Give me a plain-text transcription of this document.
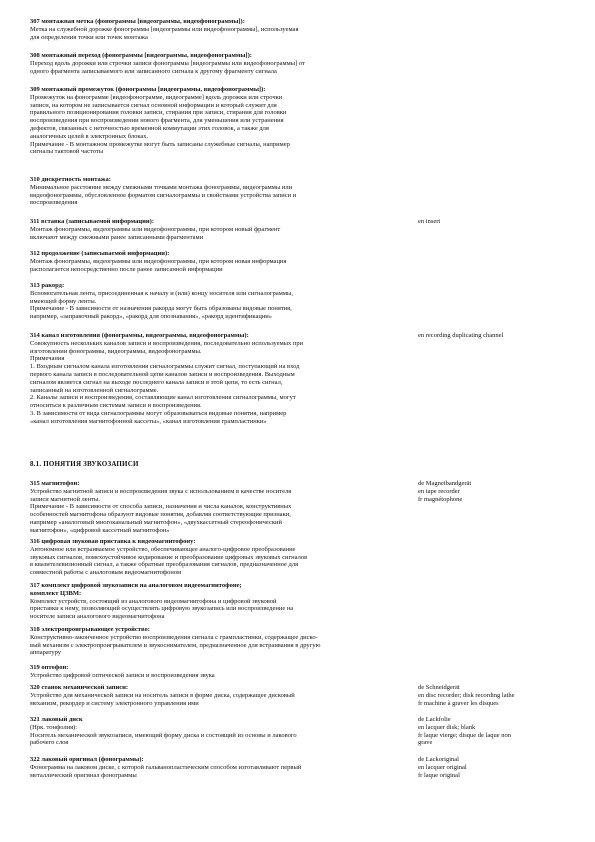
307 монтажная метка (фонограммы [видеограммы, видеофонограммы]):
Метка на служебной дорожке фонограммы [видеограммы или видеофонограммы], используемая
для определения точки или точек монтажа
308 монтажный переход (фонограммы [видеограммы, видеофонограммы]):
Переход вдоль дорожки или строчки записи фонограммы [видеограммы или видеофонограммы] от
одного фрагмента записываемого или записанного сигнала к другому фрагменту сигнала
309 монтажный промежуток (фонограммы [видеограммы, видеофонограммы]):
Промежуток на фонограмме [видеофонограмме, видеограмме] вдоль дорожки или строчки
записи, на котором не записывается сигнал основной информации и который служит для
правильного позиционирования головки записи, стирания при записи, стирания для головки
воспроизведения при воспроизведении нового фрагмента, для уменьшения или устранения
дефектов, связанных с неточностью временной коммутации этих головок, а также для
аналогичных целей в электронных блоках.
Примечание - В монтажном промежутке могут быть записаны служебные сигналы, например
сигналы тактовой частоты
310 дискретность монтажа:
Минимальное расстояние между смежными точками монтажа фонограммы, видеограммы или
видеофонограммы, обусловленное форматом сигналограммы и свойствами устройства записи и
воспроизведения
311 вставка (записываемой информации):
Монтаж фонограммы, видеограммы или видеофонограммы, при котором новый фрагмент
включают между смежными ранее записанными фрагментами
en insert
312 продолжение (записываемой информации):
Монтаж фонограммы, видеограммы или видеофонограммы, при котором новая информация
располагается непосредственно после ранее записанной информации
313 ракорд:
Вспомогательная лента, присоединенная к началу и (или) концу носителя или сигналограммы,
имеющей форму ленты.
Примечание - В зависимости от назначения ракорда могут быть образованы видовые понятия,
например, «заправочный ракорд», «ракорд для опознавания», «ракорд идентификации»
314 канал изготовления (фонограммы, видеограммы, видеофонограммы):
Совокупность нескольких каналов записи и воспроизведения, последовательно используемых при
изготовлении фонограммы, видеограммы, видеофонограммы.
Примечания
1. Входным сигналом канала изготовления сигналограммы служит сигнал, поступающий на вход
первого канала записи в последовательной цепи каналов записи и воспроизведения. Выходным
сигналом является сигнал на выходе последнего канала записи в этой цепи, то есть сигнал,
записанный на изготовленной сигналограмме.
2. Каналы записи и воспроизведения, составляющие канал изготовления сигналограммы, могут
относиться к различным системам записи и воспроизведения.
3. В зависимости от вида сигналограммы могут образовываться видовые понятия, например
«канал изготовления магнитофонной кассеты», «канал изготовления грампластинки»
en recording duplicating channel
8.1. ПОНЯТИЯ ЗВУКОЗАПИСИ
315 магнитофон:
Устройство магнитной записи и воспроизведения звука с использованием в качестве носителя
записи магнитной ленты.
Примечание - В зависимости от способа записи, назначения и числа каналов, конструктивных
особенностей магнитофона образуют видовые понятия, добавляя соответствующие признаки,
например «аналоговый многоканальный магнитофон», «двухкассетный стереофонический
магнитофон», «цифровой кассетный магнитофон»
de Magnetbandgerät
en tape recorder
fr magnétophone
316 цифровая звуковая приставка к видеомагнитофону:
Автономное или встраиваемое устройство, обеспечивающее аналого-цифровое преобразование
звуковых сигналов, помехоустойчивое кодирование и преобразование цифровых звуковых сигналов
в квазителевизионный сигнал, а также обратные преобразования сигналов, предназначенное для
совместной работы с аналоговым видеомагнитофоном
317 комплект цифровой звукозаписи на аналоговом видеомагнитофоне;
комплект ЦЗВМ:
Комплект устройств, состоящий из аналогового видеомагнитофона и цифровой звуковой
приставки к нему, позволяющий осуществлять цифровую звукозапись или воспроизведение на
носителе записи аналогового видеомагнитофона
318 электропроигрывающее устройство:
Конструктивно-законченное устройство воспроизведения сигнала с грампластинки, содержащее диско-
вый механизм с электропроигрывателем и звукоснимателем, предназначенное для встраивания в другую
аппаратуру
319 оптофон:
Устройство цифровой оптической записи и воспроизведения звука
320 станок механической записи:
Устройство для механической записи на носитель записи в форме диска, содержащее дисковый
механизм, рекордер и систему электронного управления ими
de Schneidgerät
en disc recorder; disk recording lathe
fr machine à graver les disques
321 лаковый диск
(Нрк. тонфолия):
Носитель механической звукозаписи, имеющий форму диска и состоящий из основы и лакового
рабочего слоя
de Lackfolie
en lacquer disk; blank
fr laque vierge; disque de laque non
grave
322 лаковый оригинал (фонограммы):
Фонограмма на лаковом диске, с которой гальванопластическим способом изготавливают первый
металлический оригинал фонограммы
de Lackoriginal
en lacquer original
fr laque original
